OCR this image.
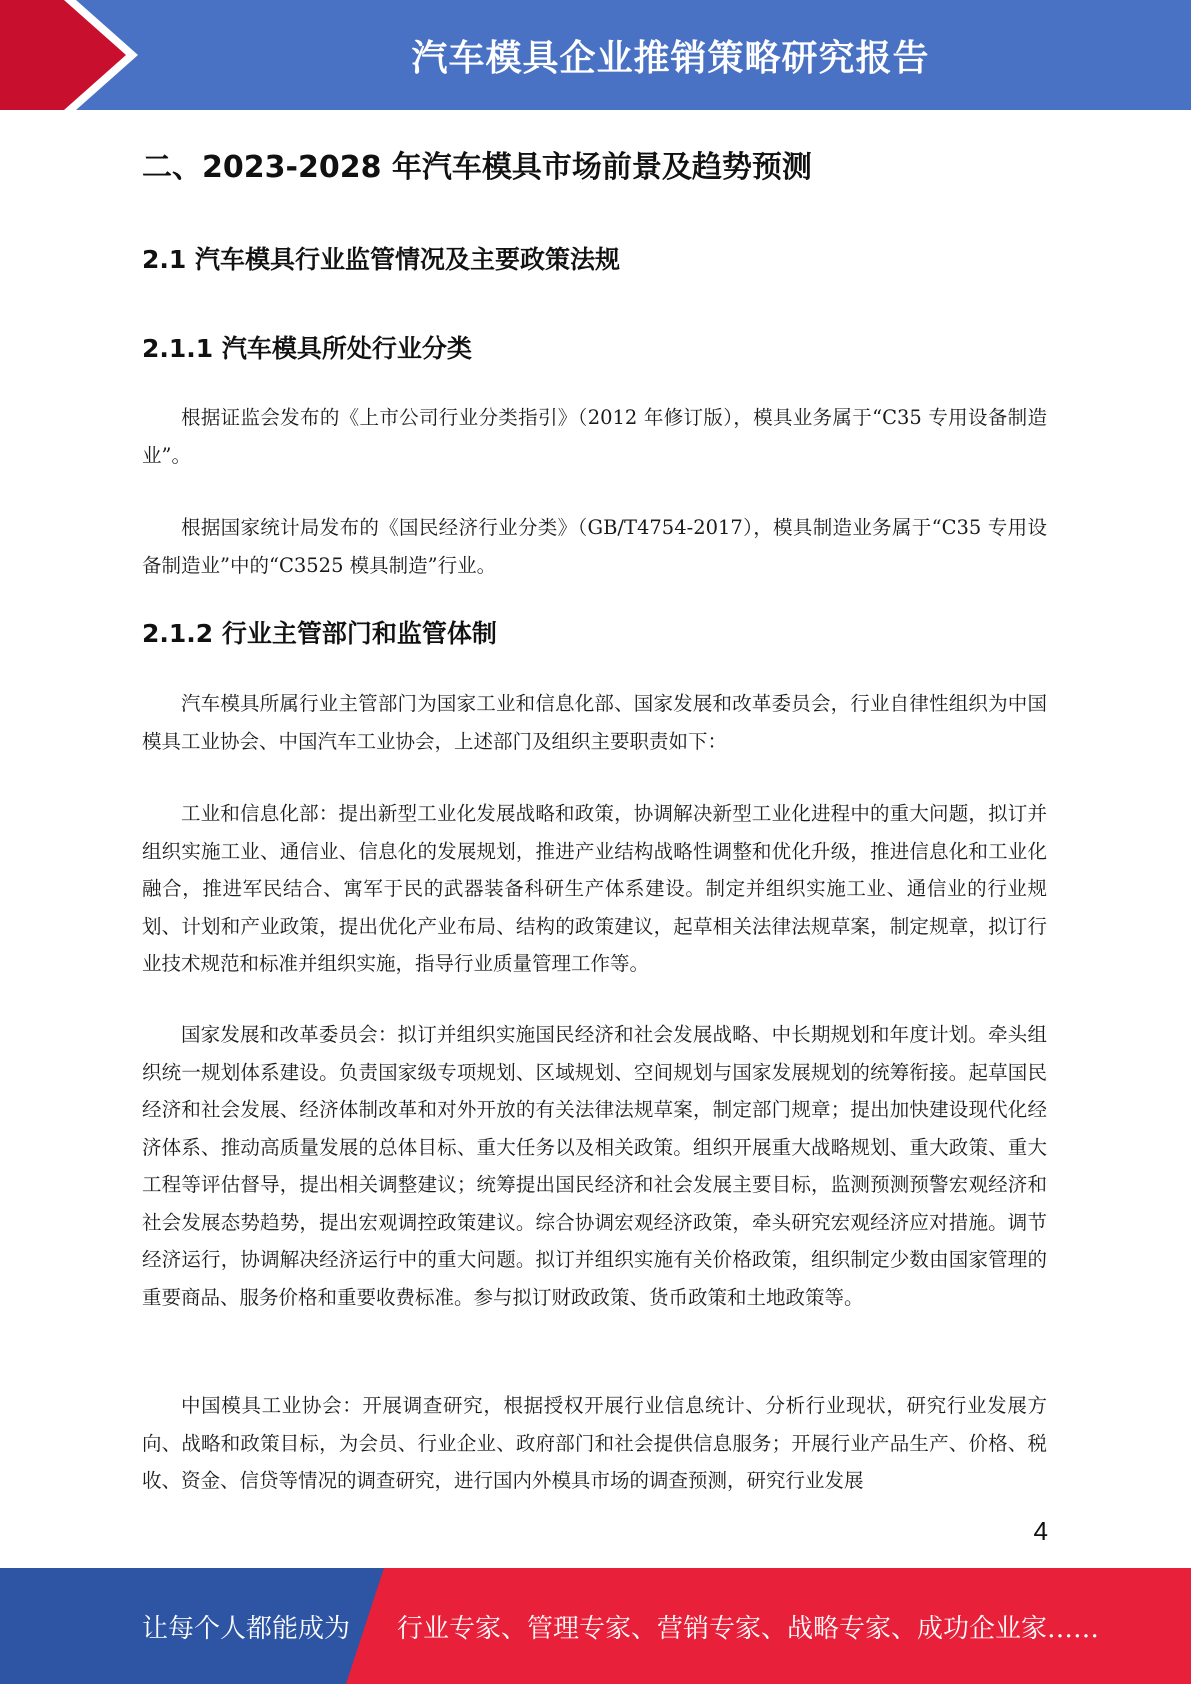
汽车模具企业推销策略研究报告
二、2023-2028 年汽车模具市场前景及趋势预测
2.1 汽车模具行业监管情况及主要政策法规
2.1.1 汽车模具所处行业分类

根据证监会发布的《上市公司行业分类指引》（2012 年修订版），模具业务属于“C35 专用设备制造业”。

根据国家统计局发布的《国民经济行业分类》（GB/T4754-2017），模具制造业务属于“C35 专用设备制造业”中的“C3525 模具制造”行业。

2.1.2 行业主管部门和监管体制

汽车模具所属行业主管部门为国家工业和信息化部、国家发展和改革委员会，行业自律性组织为中国模具工业协会、中国汽车工业协会，上述部门及组织主要职责如下：

工业和信息化部：提出新型工业化发展战略和政策，协调解决新型工业化进程中的重大问题，拟订并组织实施工业、通信业、信息化的发展规划，推进产业结构战略性调整和优化升级，推进信息化和工业化融合，推进军民结合、寓军于民的武器装备科研生产体系建设。制定并组织实施工业、通信业的行业规划、计划和产业政策，提出优化产业布局、结构的政策建议，起草相关法律法规草案，制定规章，拟订行业技术规范和标准并组织实施，指导行业质量管理工作等。

国家发展和改革委员会：拟订并组织实施国民经济和社会发展战略、中长期规划和年度计划。牵头组织统一规划体系建设。负责国家级专项规划、区域规划、空间规划与国家发展规划的统筹衔接。起草国民经济和社会发展、经济体制改革和对外开放的有关法律法规草案，制定部门规章；提出加快建设现代化经济体系、推动高质量发展的总体目标、重大任务以及相关政策。组织开展重大战略规划、重大政策、重大工程等评估督导，提出相关调整建议；统筹提出国民经济和社会发展主要目标，监测预测预警宏观经济和社会发展态势趋势，提出宏观调控政策建议。综合协调宏观经济政策，牵头研究宏观经济应对措施。调节经济运行，协调解决经济运行中的重大问题。拟订并组织实施有关价格政策，组织制定少数由国家管理的重要商品、服务价格和重要收费标准。参与拟订财政政策、货币政策和土地政策等。

中国模具工业协会：开展调查研究，根据授权开展行业信息统计、分析行业现状，研究行业发展方向、战略和政策目标，为会员、行业企业、政府部门和社会提供信息服务；开展行业产品生产、价格、税收、资金、信贷等情况的调查研究，进行国内外模具市场的调查预测，研究行业发展

4
让每个人都能成为 行业专家、管理专家、营销专家、战略专家、成功企业家……
